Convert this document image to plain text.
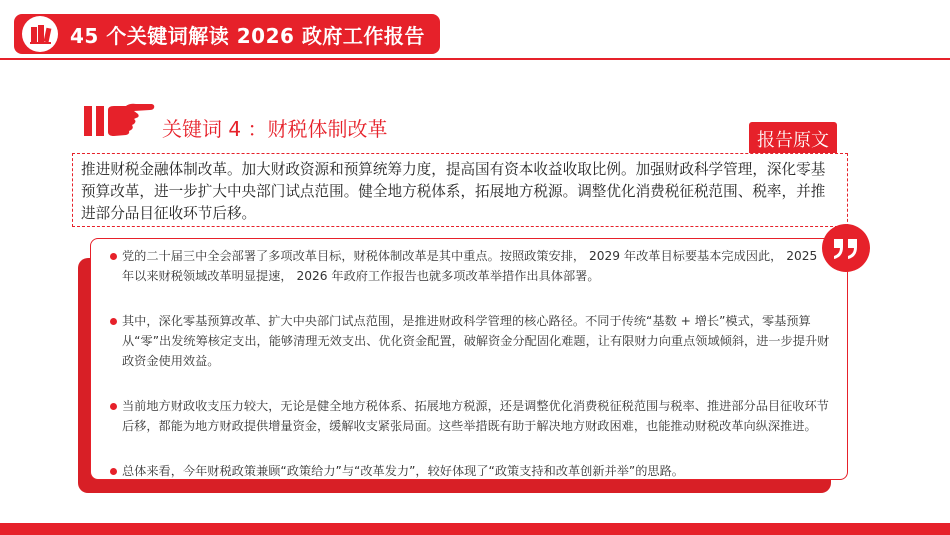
45 个关键词解读 2026 政府工作报告
关键词 4 ：财税体制改革	报告原文

推进财税金融体制改革。加大财政资源和预算统筹力度，提高国有资本收益收取比例。加强财政科学管理，深化零基预算改革，进一步扩大中央部门试点范围。健全地方税体系，拓展地方税源。调整优化消费税征税范围、税率，并推进部分品目征收环节后移。

党的二十届三中全会部署了多项改革目标，财税体制改革是其中重点。按照政策安排， 2029 年改革目标要基本完成因此， 2025 年以来财税领域改革明显提速， 2026 年政府工作报告也就多项改革举措作出具体部署。
其中，深化零基预算改革、扩大中央部门试点范围，是推进财政科学管理的核心路径。不同于传统“基数 + 增长”模式，零基预算从“零”出发统筹核定支出，能够清理无效支出、优化资金配置，破解资金分配固化难题，让有限财力向重点领域倾斜，进一步提升财政资金使用效益。
当前地方财政收支压力较大，无论是健全地方税体系、拓展地方税源，还是调整优化消费税征税范围与税率、推进部分品目征收环节后移，都能为地方财政提供增量资金，缓解收支紧张局面。这些举措既有助于解决地方财政困难，也能推动财税改革向纵深推进。
总体来看，今年财税政策兼顾“政策给力”与“改革发力”，较好体现了“政策支持和改革创新并举”的思路。
